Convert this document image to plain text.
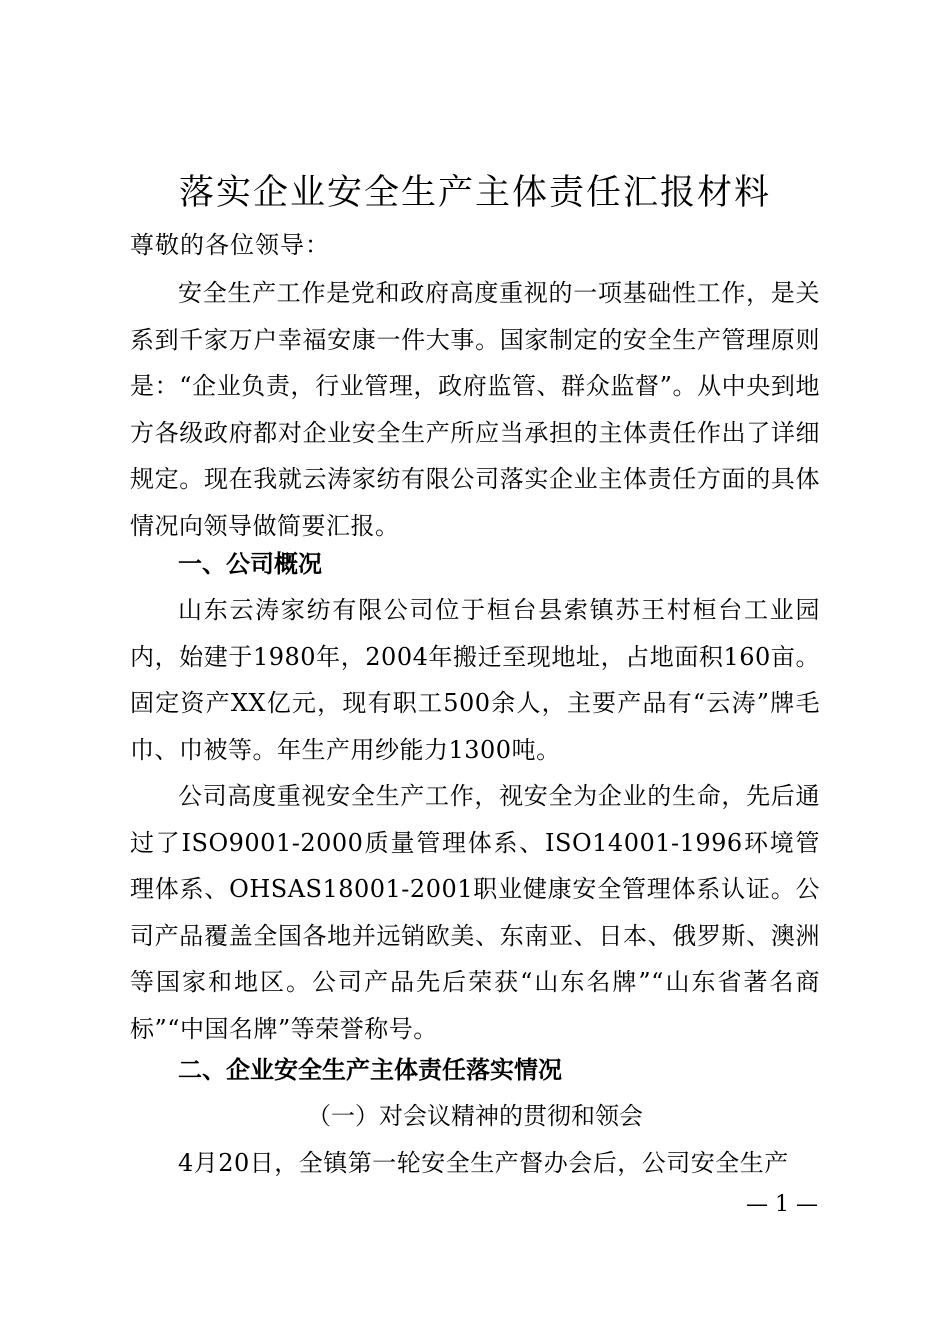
落实企业安全生产主体责任汇报材料
尊敬的各位领导：

安全生产工作是党和政府高度重视的一项基础性工作，是关系到千家万户幸福安康一件大事。国家制定的安全生产管理原则是：“企业负责，行业管理，政府监管、群众监督”。从中央到地方各级政府都对企业安全生产所应当承担的主体责任作出了详细规定。现在我就云涛家纺有限公司落实企业主体责任方面的具体情况向领导做简要汇报。

一、公司概况

山东云涛家纺有限公司位于桓台县索镇苏王村桓台工业园内，始建于1980年，2004年搬迁至现地址，占地面积160亩。固定资产XX亿元，现有职工500余人，主要产品有“云涛”牌毛巾、巾被等。年生产用纱能力1300吨。

公司高度重视安全生产工作，视安全为企业的生命，先后通过了ISO9001-2000质量管理体系、ISO14001-1996环境管理体系、OHSAS18001-2001职业健康安全管理体系认证。公司产品覆盖全国各地并远销欧美、东南亚、日本、俄罗斯、澳洲等国家和地区。公司产品先后荣获“山东名牌”“山东省著名商标”“中国名牌”等荣誉称号。

二、企业安全生产主体责任落实情况
（一）对会议精神的贯彻和领会

4月20日，全镇第一轮安全生产督办会后，公司安全生产

— 1 —
